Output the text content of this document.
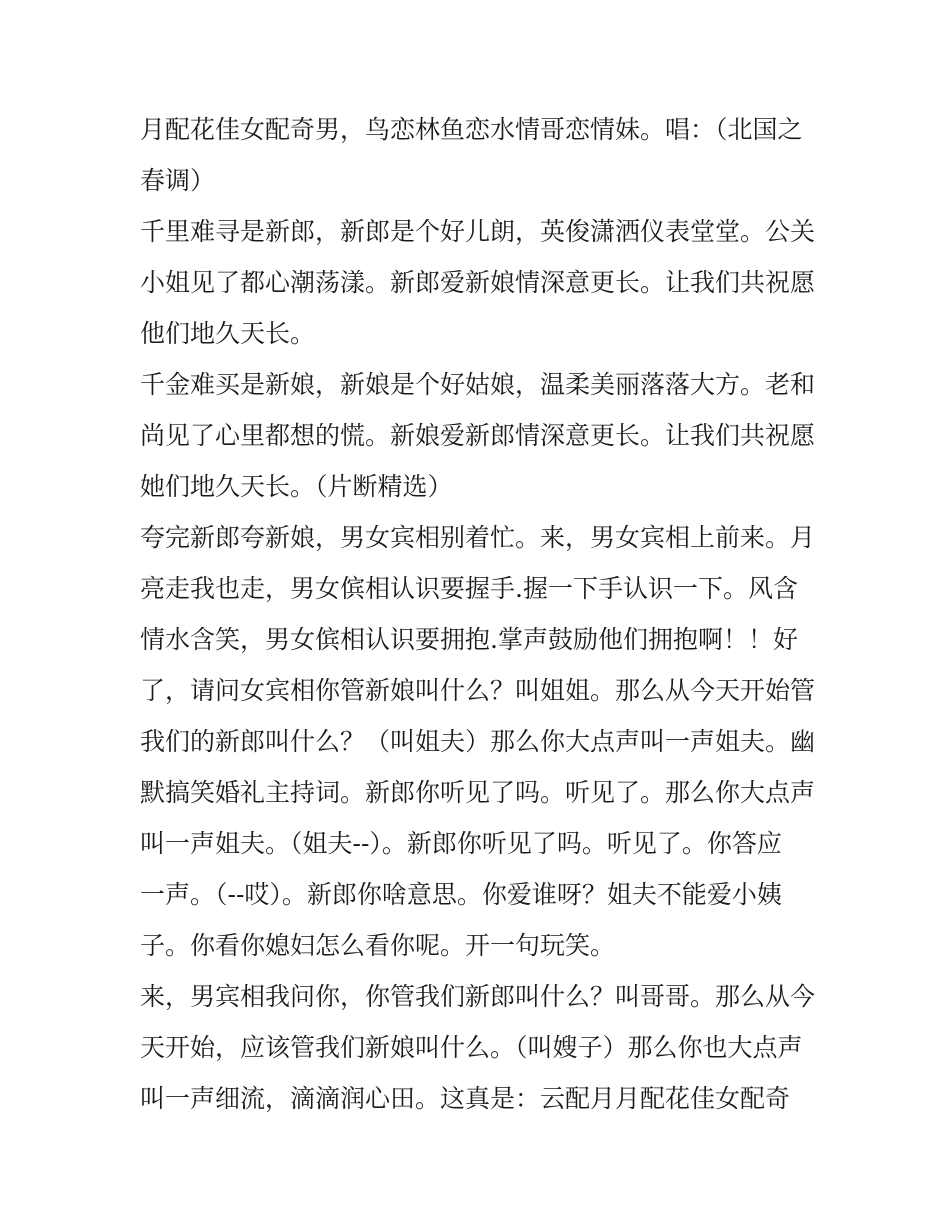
月配花佳女配奇男，鸟恋林鱼恋水情哥恋情妹。唱：（北国之
春调）
千里难寻是新郎，新郎是个好儿朗，英俊潇洒仪表堂堂。公关
小姐见了都心潮荡漾。新郎爱新娘情深意更长。让我们共祝愿
他们地久天长。
千金难买是新娘，新娘是个好姑娘，温柔美丽落落大方。老和
尚见了心里都想的慌。新娘爱新郎情深意更长。让我们共祝愿
她们地久天长。（片断精选）
夸完新郎夸新娘，男女宾相别着忙。来，男女宾相上前来。月
亮走我也走，男女傧相认识要握手.握一下手认识一下。风含
情水含笑，男女傧相认识要拥抱.掌声鼓励他们拥抱啊！！好
了，请问女宾相你管新娘叫什么？叫姐姐。那么从今天开始管
我们的新郎叫什么？（叫姐夫）那么你大点声叫一声姐夫。幽
默搞笑婚礼主持词。新郎你听见了吗。听见了。那么你大点声
叫一声姐夫。（姐夫--）。新郎你听见了吗。听见了。你答应
一声。（--哎）。新郎你啥意思。你爱谁呀？姐夫不能爱小姨
子。你看你媳妇怎么看你呢。开一句玩笑。
来，男宾相我问你，你管我们新郎叫什么？叫哥哥。那么从今
天开始，应该管我们新娘叫什么。（叫嫂子）那么你也大点声
叫一声细流，滴滴润心田。这真是：云配月月配花佳女配奇
